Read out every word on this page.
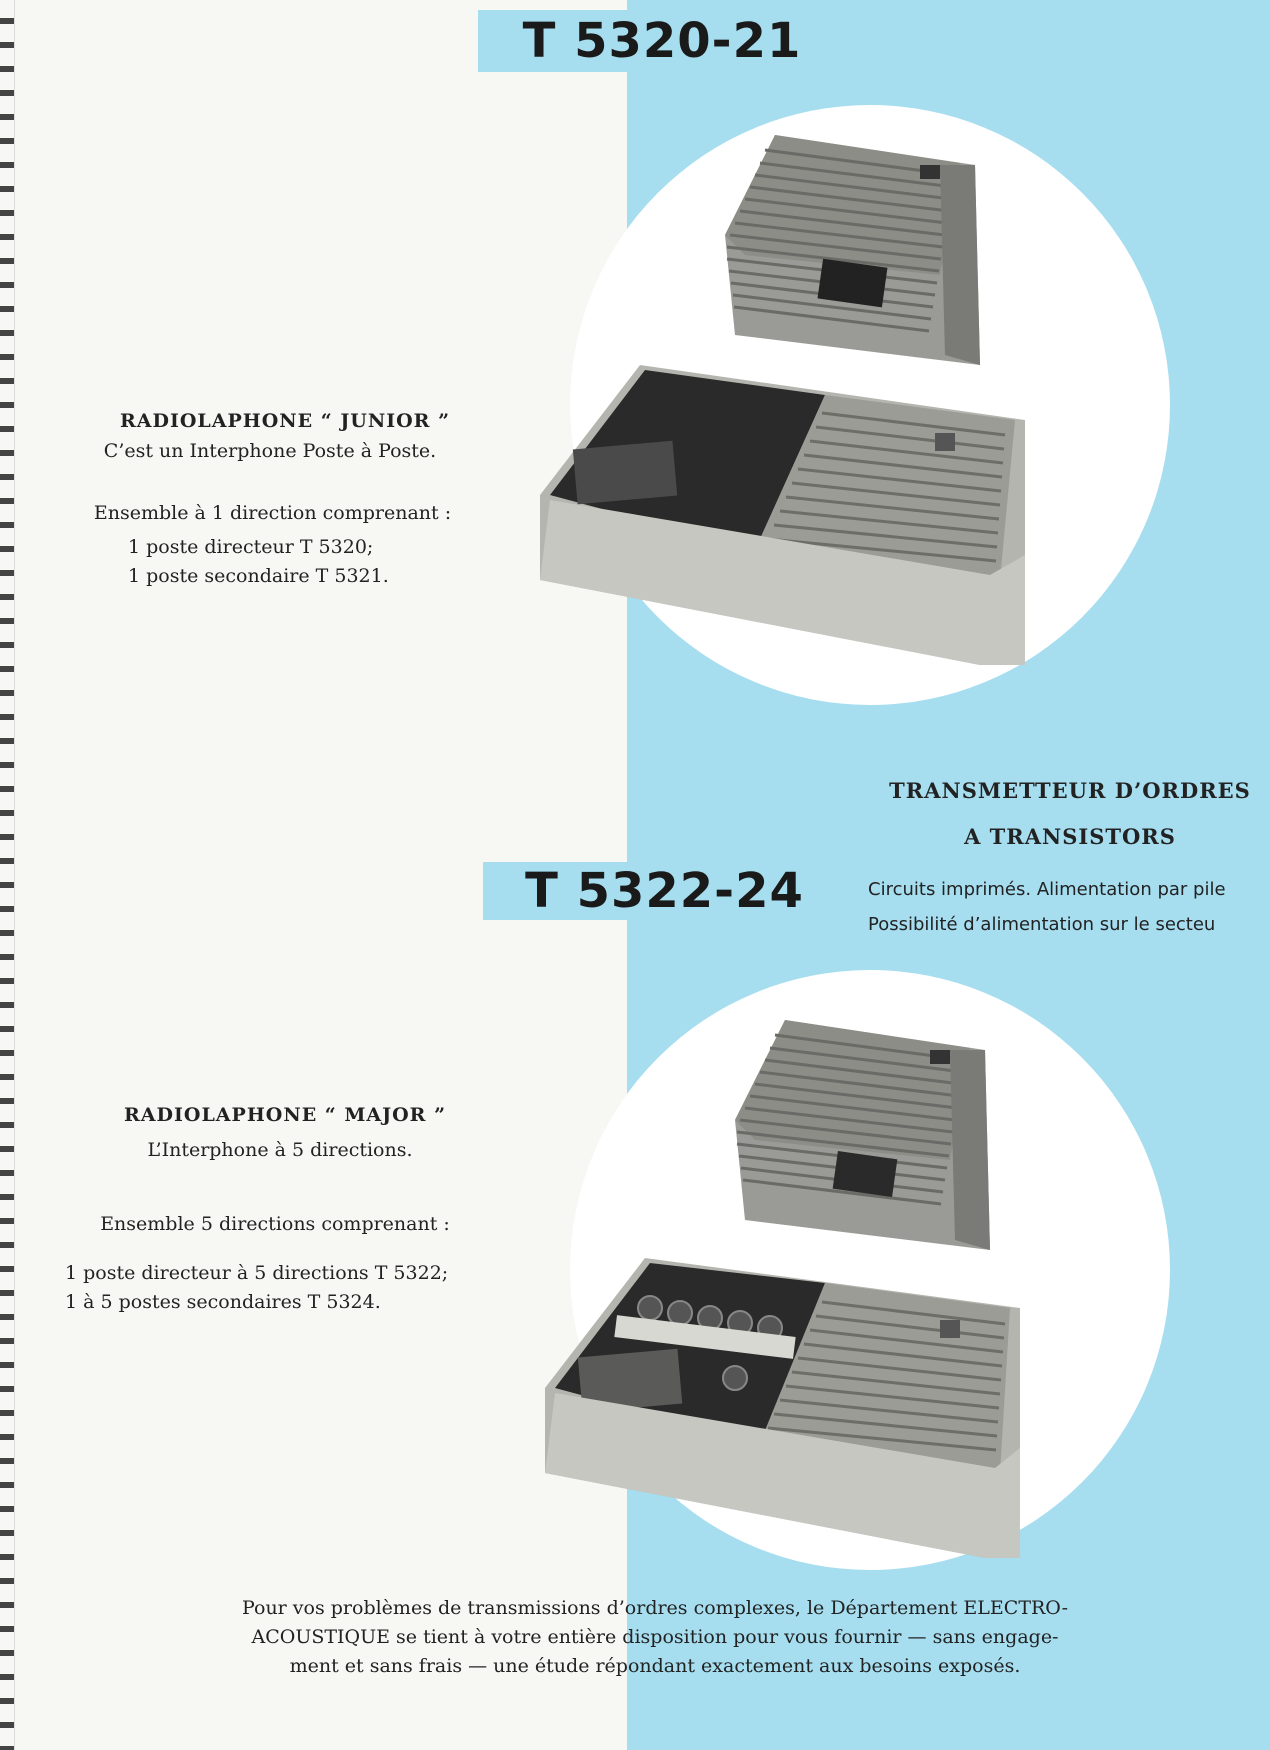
T 5320-21
RADIOLAPHONE “ JUNIOR ”
C’est un Interphone Poste à Poste.
Ensemble à 1 direction comprenant :
1 poste directeur T 5320;
1 poste secondaire T 5321.
TRANSMETTEUR D’ORDRES
A TRANSISTORS
Circuits imprimés. Alimentation par pile
Possibilité d’alimentation sur le secteu
T 5322-24
RADIOLAPHONE “ MAJOR ”
L’Interphone à 5 directions.
Ensemble 5 directions comprenant :
1 poste directeur à 5 directions T 5322;
1 à 5 postes secondaires T 5324.
Pour vos problèmes de transmissions d’ordres complexes, le Département ELECTRO-
ACOUSTIQUE se tient à votre entière disposition pour vous fournir — sans engage-
ment et sans frais — une étude répondant exactement aux besoins exposés.
